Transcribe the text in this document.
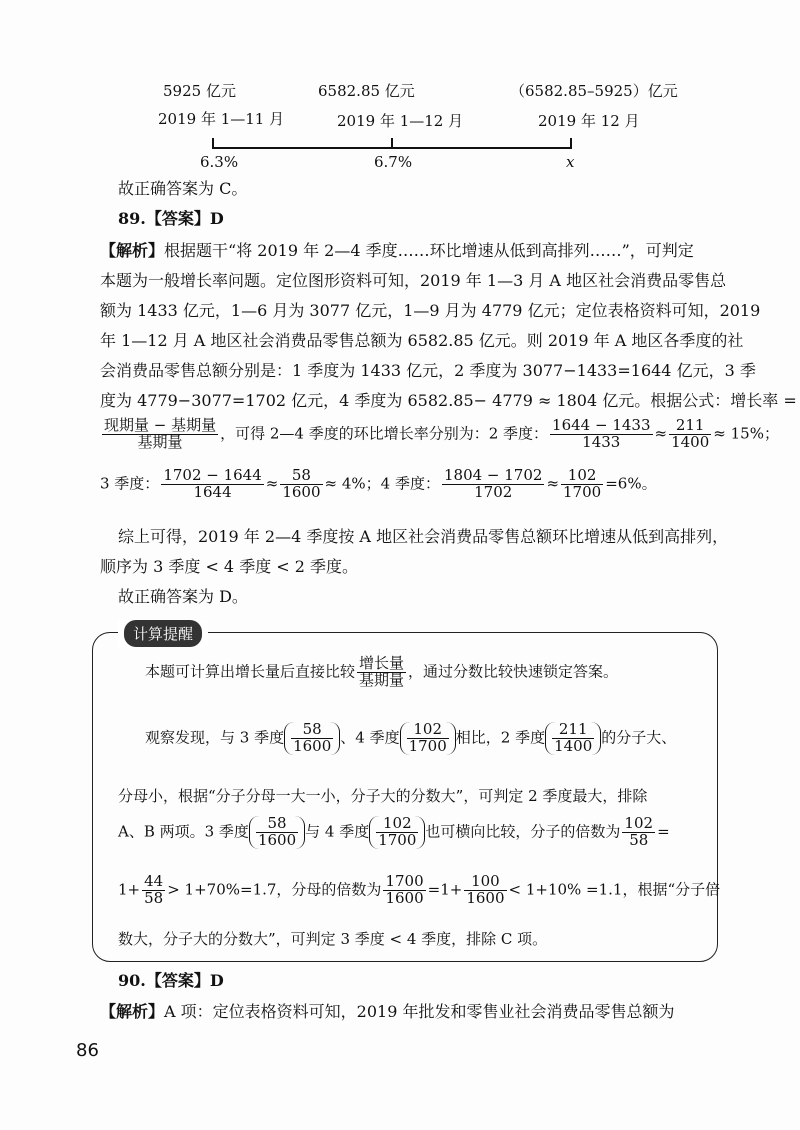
5925 亿元	6582.85 亿元	（6582.85–5925）亿元
2019 年 1—11 月	2019 年 1—12 月	2019 年 12 月
6.3%	6.7%	x
故正确答案为 C。
89.【答案】D
【解析】根据题干“将 2019 年 2—4 季度……环比增速从低到高排列……”，可判定
本题为一般增长率问题。定位图形资料可知，2019 年 1—3 月 A 地区社会消费品零售总
额为 1433 亿元，1—6 月为 3077 亿元，1—9 月为 4779 亿元；定位表格资料可知，2019
年 1—12 月 A 地区社会消费品零售总额为 6582.85 亿元。则 2019 年 A 地区各季度的社
会消费品零售总额分别是：1 季度为 1433 亿元，2 季度为 3077−1433=1644 亿元，3 季
度为 4779−3077=1702 亿元，4 季度为 6582.85− 4779 ≈ 1804 亿元。根据公式：增长率 =
$\frac{\text{现期量 − 基期量}}{\text{基期量}}$ ，可得 2—4 季度的环比增长率分别为：2 季度： $\frac{1644 - 1433}{1433} \approx \frac{211}{1400} \approx 15\%$；
3 季度： $\frac{1702 - 1644}{1644} \approx \frac{58}{1600} \approx 4\%$；4 季度： $\frac{1804 - 1702}{1702} \approx \frac{102}{1700} =6\%$。
综上可得，2019 年 2—4 季度按 A 地区社会消费品零售总额环比增速从低到高排列，
顺序为 3 季度 < 4 季度 < 2 季度。
故正确答案为 D。
计算提醒
本题可计算出增长量后直接比较 $\frac{\text{增长量}}{\text{基期量}}$ ，通过分数比较快速锁定答案。
观察发现，与 3 季度 $\frac{58}{1600}$ 、4 季度 $\frac{102}{1700}$ 相比，2 季度 $\frac{211}{1400}$ 的分子大、
分母小，根据“分子分母一大一小，分子大的分数大”，可判定 2 季度最大，排除
A、B 两项。3 季度 $\frac{58}{1600}$ 与 4 季度 $\frac{102}{1700}$ 也可横向比较，分子的倍数为 $\frac{102}{58}$ =
$1+ \frac{44}{58} > 1+70\%=1.7$，分母的倍数为 $\frac{1700}{1600} =1+ \frac{100}{1600} < 1+10\% =1.1$，根据“分子倍
数大，分子大的分数大”，可判定 3 季度 < 4 季度，排除 C 项。
90.【答案】D
【解析】A 项：定位表格资料可知，2019 年批发和零售业社会消费品零售总额为
86
